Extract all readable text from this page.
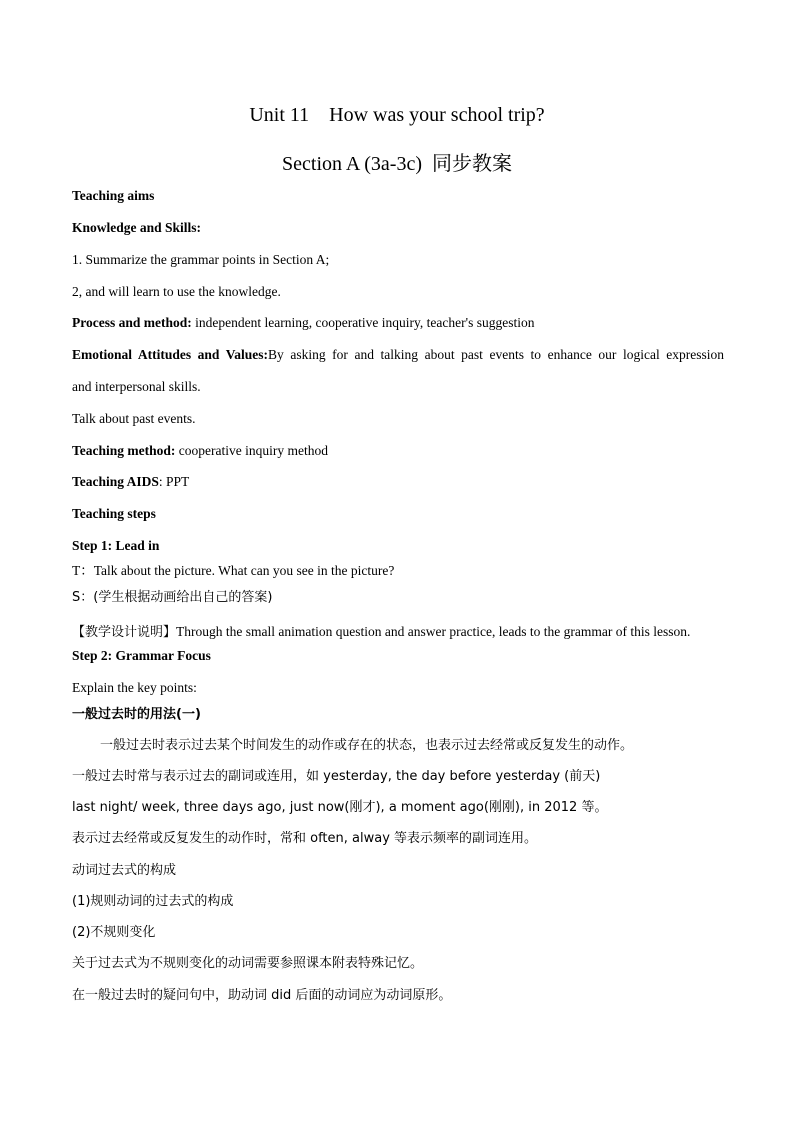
Unit 11    How was your school trip?
Section A (3a-3c)  同步教案
Teaching aims
Knowledge and Skills:
1. Summarize the grammar points in Section A;
2, and will learn to use the knowledge.
Process and method: independent learning, cooperative inquiry, teacher's suggestion
Emotional Attitudes and Values:By asking for and talking about past events to enhance our logical expression
and interpersonal skills.
Talk about past events.
Teaching method: cooperative inquiry method
Teaching AIDS: PPT
Teaching steps
Step 1: Lead in
T：Talk about the picture. What can you see in the picture?
S：(学生根据动画给出自己的答案)
【教学设计说明】Through the small animation question and answer practice, leads to the grammar of this lesson.
Step 2: Grammar Focus
Explain the key points:
一般过去时的用法(一)
一般过去时表示过去某个时间发生的动作或存在的状态，也表示过去经常或反复发生的动作。
一般过去时常与表示过去的副词或连用，如 yesterday, the day before yesterday (前天)
last night/ week, three days ago, just now(刚才), a moment ago(刚刚), in 2012 等。
表示过去经常或反复发生的动作时，常和 often, alway 等表示频率的副词连用。
动词过去式的构成
(1)规则动词的过去式的构成
(2)不规则变化
关于过去式为不规则变化的动词需要参照课本附表特殊记忆。
在一般过去时的疑问句中，助动词 did 后面的动词应为动词原形。
